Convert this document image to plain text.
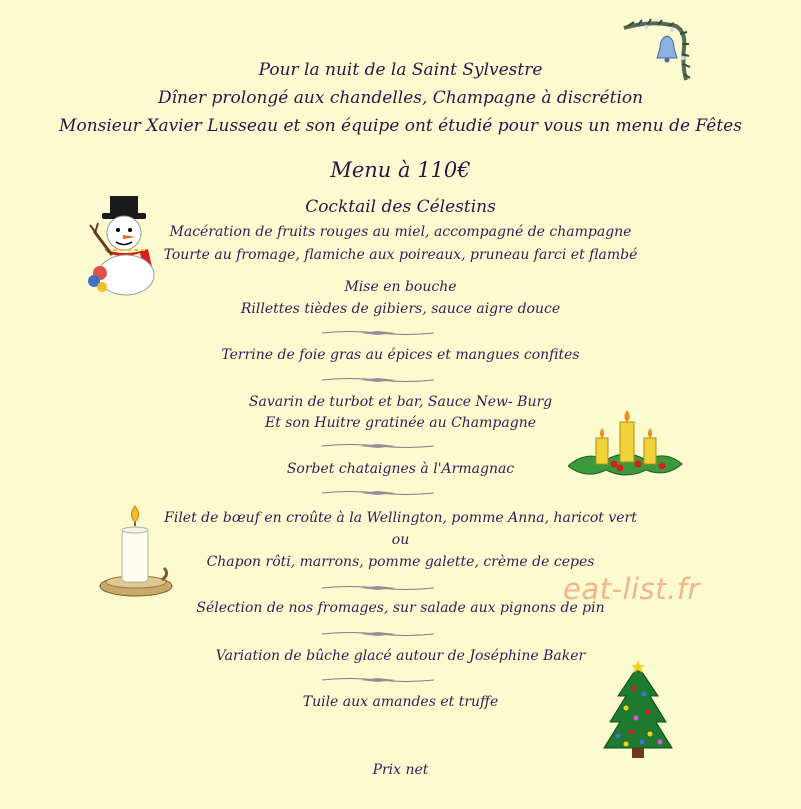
Pour la nuit de la Saint Sylvestre
Dîner prolongé aux chandelles, Champagne à discrétion
Monsieur Xavier Lusseau et son équipe ont étudié pour vous un menu de Fêtes
Menu à 110€
Cocktail des Célestins
Macération de fruits rouges au miel, accompagné de champagne
Tourte au fromage, flamiche aux poireaux, pruneau farci et flambé
Mise en bouche
Rillettes tièdes de gibiers, sauce aigre douce
Terrine de foie gras au épices et mangues confites
Savarin de turbot et bar, Sauce New- Burg
Et son Huitre gratinée au Champagne
Sorbet chataignes à l'Armagnac
Filet de bœuf en croûte à la Wellington, pomme Anna, haricot vert
ou
Chapon rôti, marrons, pomme galette, crème de cepes
Sélection de nos fromages, sur salade aux pignons de pin
Variation de bûche glacé autour de Joséphine Baker
Tuile aux amandes et truffe
Prix net
eat-list.fr
